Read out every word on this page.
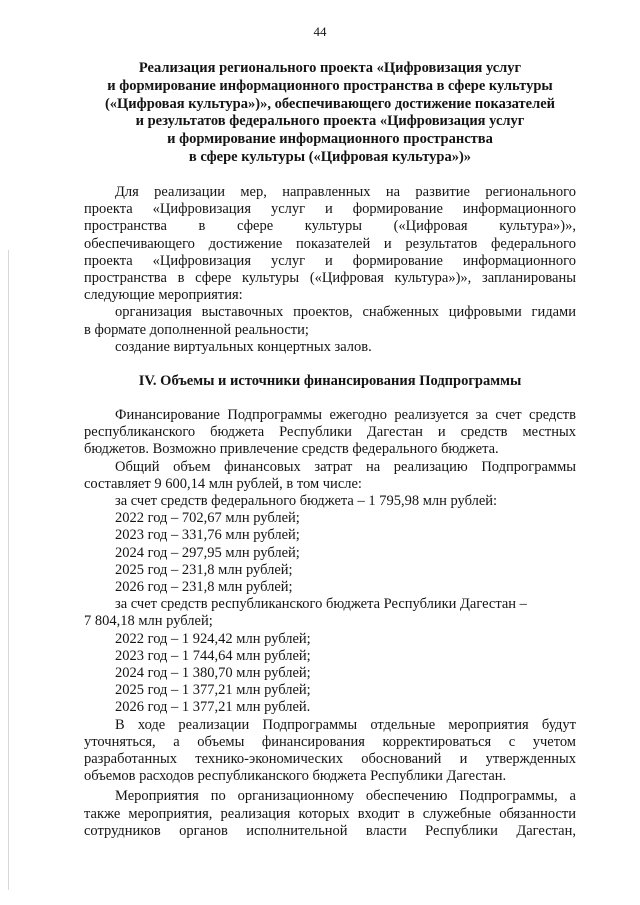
44
Реализация регионального проекта «Цифровизация услуг
и формирование информационного пространства в сфере культуры
(«Цифровая культура»)», обеспечивающего достижение показателей
и результатов федерального проекта «Цифровизация услуг
и формирование информационного пространства
в сфере культуры («Цифровая культура»)»
Для реализации мер, направленных на развитие регионального
проекта «Цифровизация услуг и формирование информационного
пространства в сфере культуры («Цифровая культура»)»,
обеспечивающего достижение показателей и результатов федерального
проекта «Цифровизация услуг и формирование информационного
пространства в сфере культуры («Цифровая культура»)», запланированы
следующие мероприятия:
организация выставочных проектов, снабженных цифровыми гидами
в формате дополненной реальности;
создание виртуальных концертных залов.
IV. Объемы и источники финансирования Подпрограммы
Финансирование Подпрограммы ежегодно реализуется за счет средств
республиканского бюджета Республики Дагестан и средств местных
бюджетов. Возможно привлечение средств федерального бюджета.
Общий объем финансовых затрат на реализацию Подпрограммы
составляет 9 600,14 млн рублей, в том числе:
за счет средств федерального бюджета – 1 795,98 млн рублей:
2022 год – 702,67 млн рублей;
2023 год – 331,76 млн рублей;
2024 год – 297,95 млн рублей;
2025 год – 231,8 млн рублей;
2026 год – 231,8 млн рублей;
за счет средств республиканского бюджета Республики Дагестан –
7 804,18 млн рублей;
2022 год – 1 924,42 млн рублей;
2023 год – 1 744,64 млн рублей;
2024 год – 1 380,70 млн рублей;
2025 год – 1 377,21 млн рублей;
2026 год – 1 377,21 млн рублей.
В ходе реализации Подпрограммы отдельные мероприятия будут
уточняться, а объемы финансирования корректироваться с учетом
разработанных технико-экономических обоснований и утвержденных
объемов расходов республиканского бюджета Республики Дагестан.
Мероприятия по организационному обеспечению Подпрограммы, а
также мероприятия, реализация которых входит в служебные обязанности
сотрудников органов исполнительной власти Республики Дагестан,
